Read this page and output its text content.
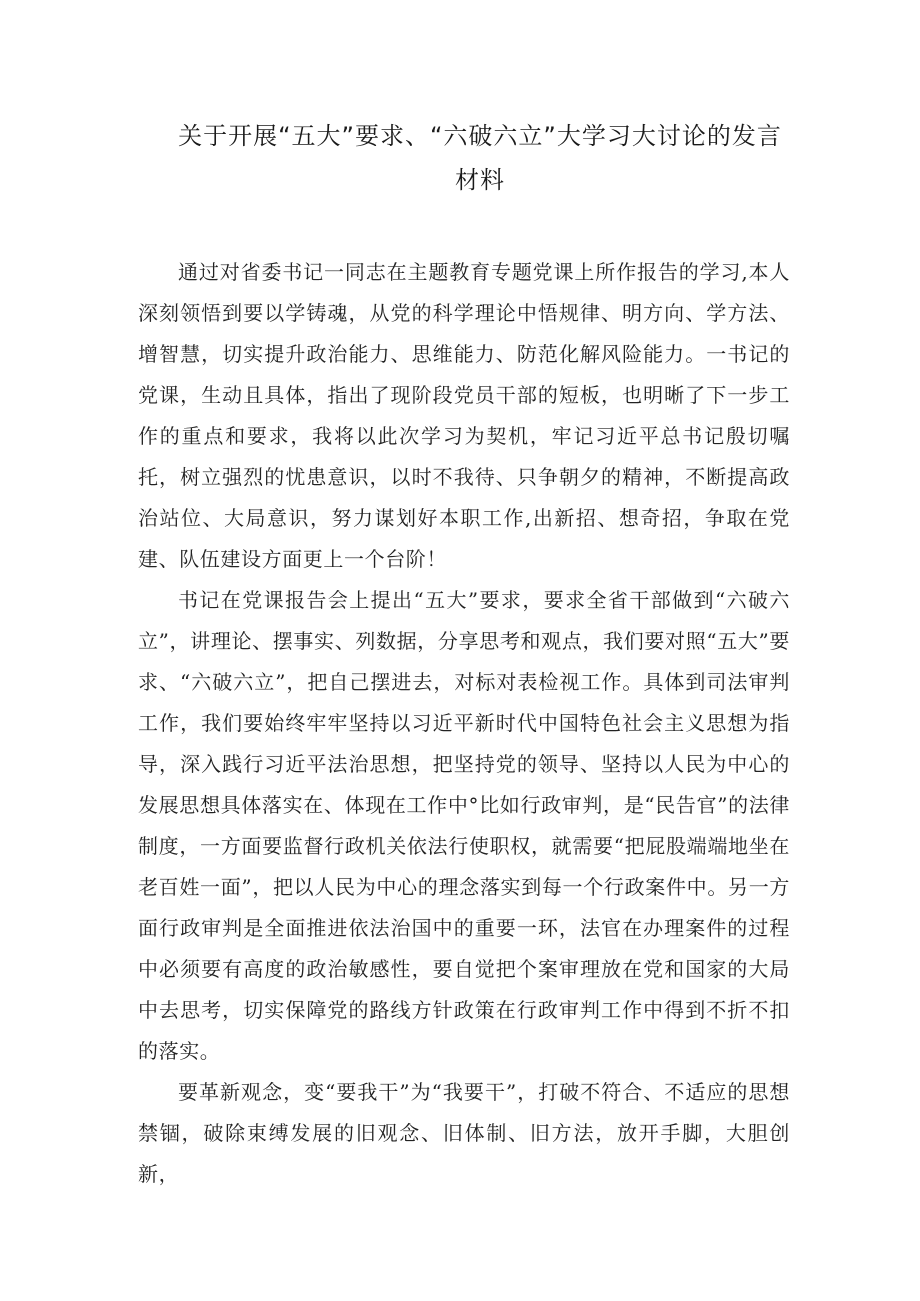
关于开展“五大”要求、“六破六立”大学习大讨论的发言
材料

通过对省委书记一同志在主题教育专题党课上所作报告的学习,本人深刻领悟到要以学铸魂，从党的科学理论中悟规律、明方向、学方法、增智慧，切实提升政治能力、思维能力、防范化解风险能力。一书记的党课，生动且具体，指出了现阶段党员干部的短板，也明晰了下一步工作的重点和要求，我将以此次学习为契机，牢记习近平总书记殷切嘱托，树立强烈的忧患意识，以时不我待、只争朝夕的精神，不断提高政治站位、大局意识，努力谋划好本职工作,出新招、想奇招，争取在党建、队伍建设方面更上一个台阶！

书记在党课报告会上提出“五大”要求，要求全省干部做到“六破六立”，讲理论、摆事实、列数据，分享思考和观点，我们要对照“五大”要求、“六破六立”，把自己摆进去，对标对表检视工作。具体到司法审判工作，我们要始终牢牢坚持以习近平新时代中国特色社会主义思想为指导，深入践行习近平法治思想，把坚持党的领导、坚持以人民为中心的发展思想具体落实在、体现在工作中°比如行政审判，是“民告官”的法律制度，一方面要监督行政机关依法行使职权，就需要“把屁股端端地坐在老百姓一面”，把以人民为中心的理念落实到每一个行政案件中。另一方面行政审判是全面推进依法治国中的重要一环，法官在办理案件的过程中必须要有高度的政治敏感性，要自觉把个案审理放在党和国家的大局中去思考，切实保障党的路线方针政策在行政审判工作中得到不折不扣的落实。

要革新观念，变“要我干”为“我要干”，打破不符合、不适应的思想禁锢，破除束缚发展的旧观念、旧体制、旧方法，放开手脚，大胆创新，
